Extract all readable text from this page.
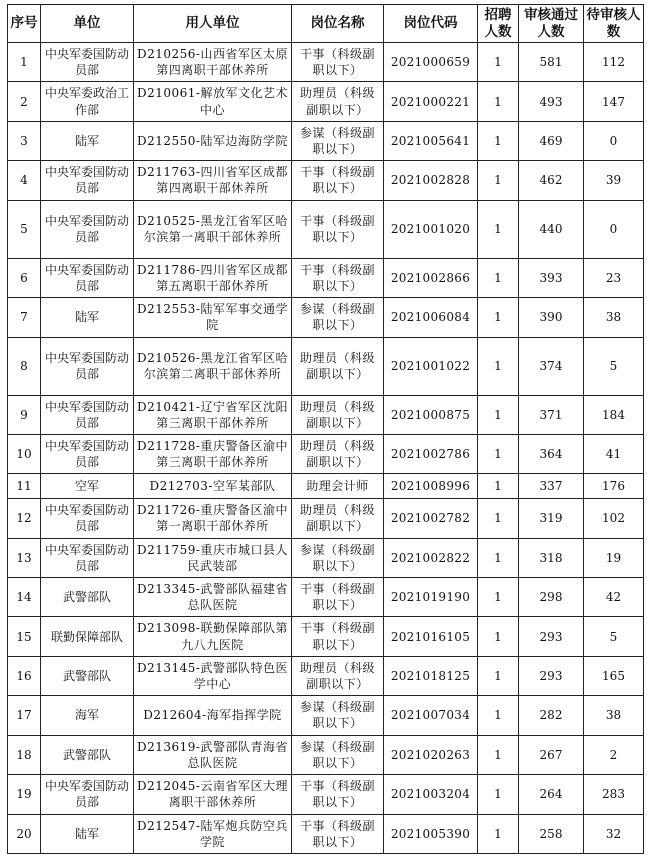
序号	单位	用人单位	岗位名称	岗位代码	招聘人数	审核通过人数	待审核人数
1	中央军委国防动员部	D210256-山西省军区太原第四离职干部休养所	干事（科级副职以下）	2021000659	1	581	112
2	中央军委政治工作部	D210061-解放军文化艺术中心	助理员（科级副职以下）	2021000221	1	493	147
3	陆军	D212550-陆军边海防学院	参谋（科级副职以下）	2021005641	1	469	0
4	中央军委国防动员部	D211763-四川省军区成都第四离职干部休养所	干事（科级副职以下）	2021002828	1	462	39
5	中央军委国防动员部	D210525-黑龙江省军区哈尔滨第一离职干部休养所	干事（科级副职以下）	2021001020	1	440	0
6	中央军委国防动员部	D211786-四川省军区成都第五离职干部休养所	干事（科级副职以下）	2021002866	1	393	23
7	陆军	D212553-陆军军事交通学院	参谋（科级副职以下）	2021006084	1	390	38
8	中央军委国防动员部	D210526-黑龙江省军区哈尔滨第二离职干部休养所	助理员（科级副职以下）	2021001022	1	374	5
9	中央军委国防动员部	D210421-辽宁省军区沈阳第三离职干部休养所	助理员（科级副职以下）	2021000875	1	371	184
10	中央军委国防动员部	D211728-重庆警备区渝中第三离职干部休养所	助理员（科级副职以下）	2021002786	1	364	41
11	空军	D212703-空军某部队	助理会计师	2021008996	1	337	176
12	中央军委国防动员部	D211726-重庆警备区渝中第一离职干部休养所	助理员（科级副职以下）	2021002782	1	319	102
13	中央军委国防动员部	D211759-重庆市城口县人民武装部	参谋（科级副职以下）	2021002822	1	318	19
14	武警部队	D213345-武警部队福建省总队医院	干事（科级副职以下）	2021019190	1	298	42
15	联勤保障部队	D213098-联勤保障部队第九八九医院	干事（科级副职以下）	2021016105	1	293	5
16	武警部队	D213145-武警部队特色医学中心	助理员（科级副职以下）	2021018125	1	293	165
17	海军	D212604-海军指挥学院	参谋（科级副职以下）	2021007034	1	282	38
18	武警部队	D213619-武警部队青海省总队医院	参谋（科级副职以下）	2021020263	1	267	2
19	中央军委国防动员部	D212045-云南省军区大理离职干部休养所	干事（科级副职以下）	2021003204	1	264	283
20	陆军	D212547-陆军炮兵防空兵学院	干事（科级副职以下）	2021005390	1	258	32
